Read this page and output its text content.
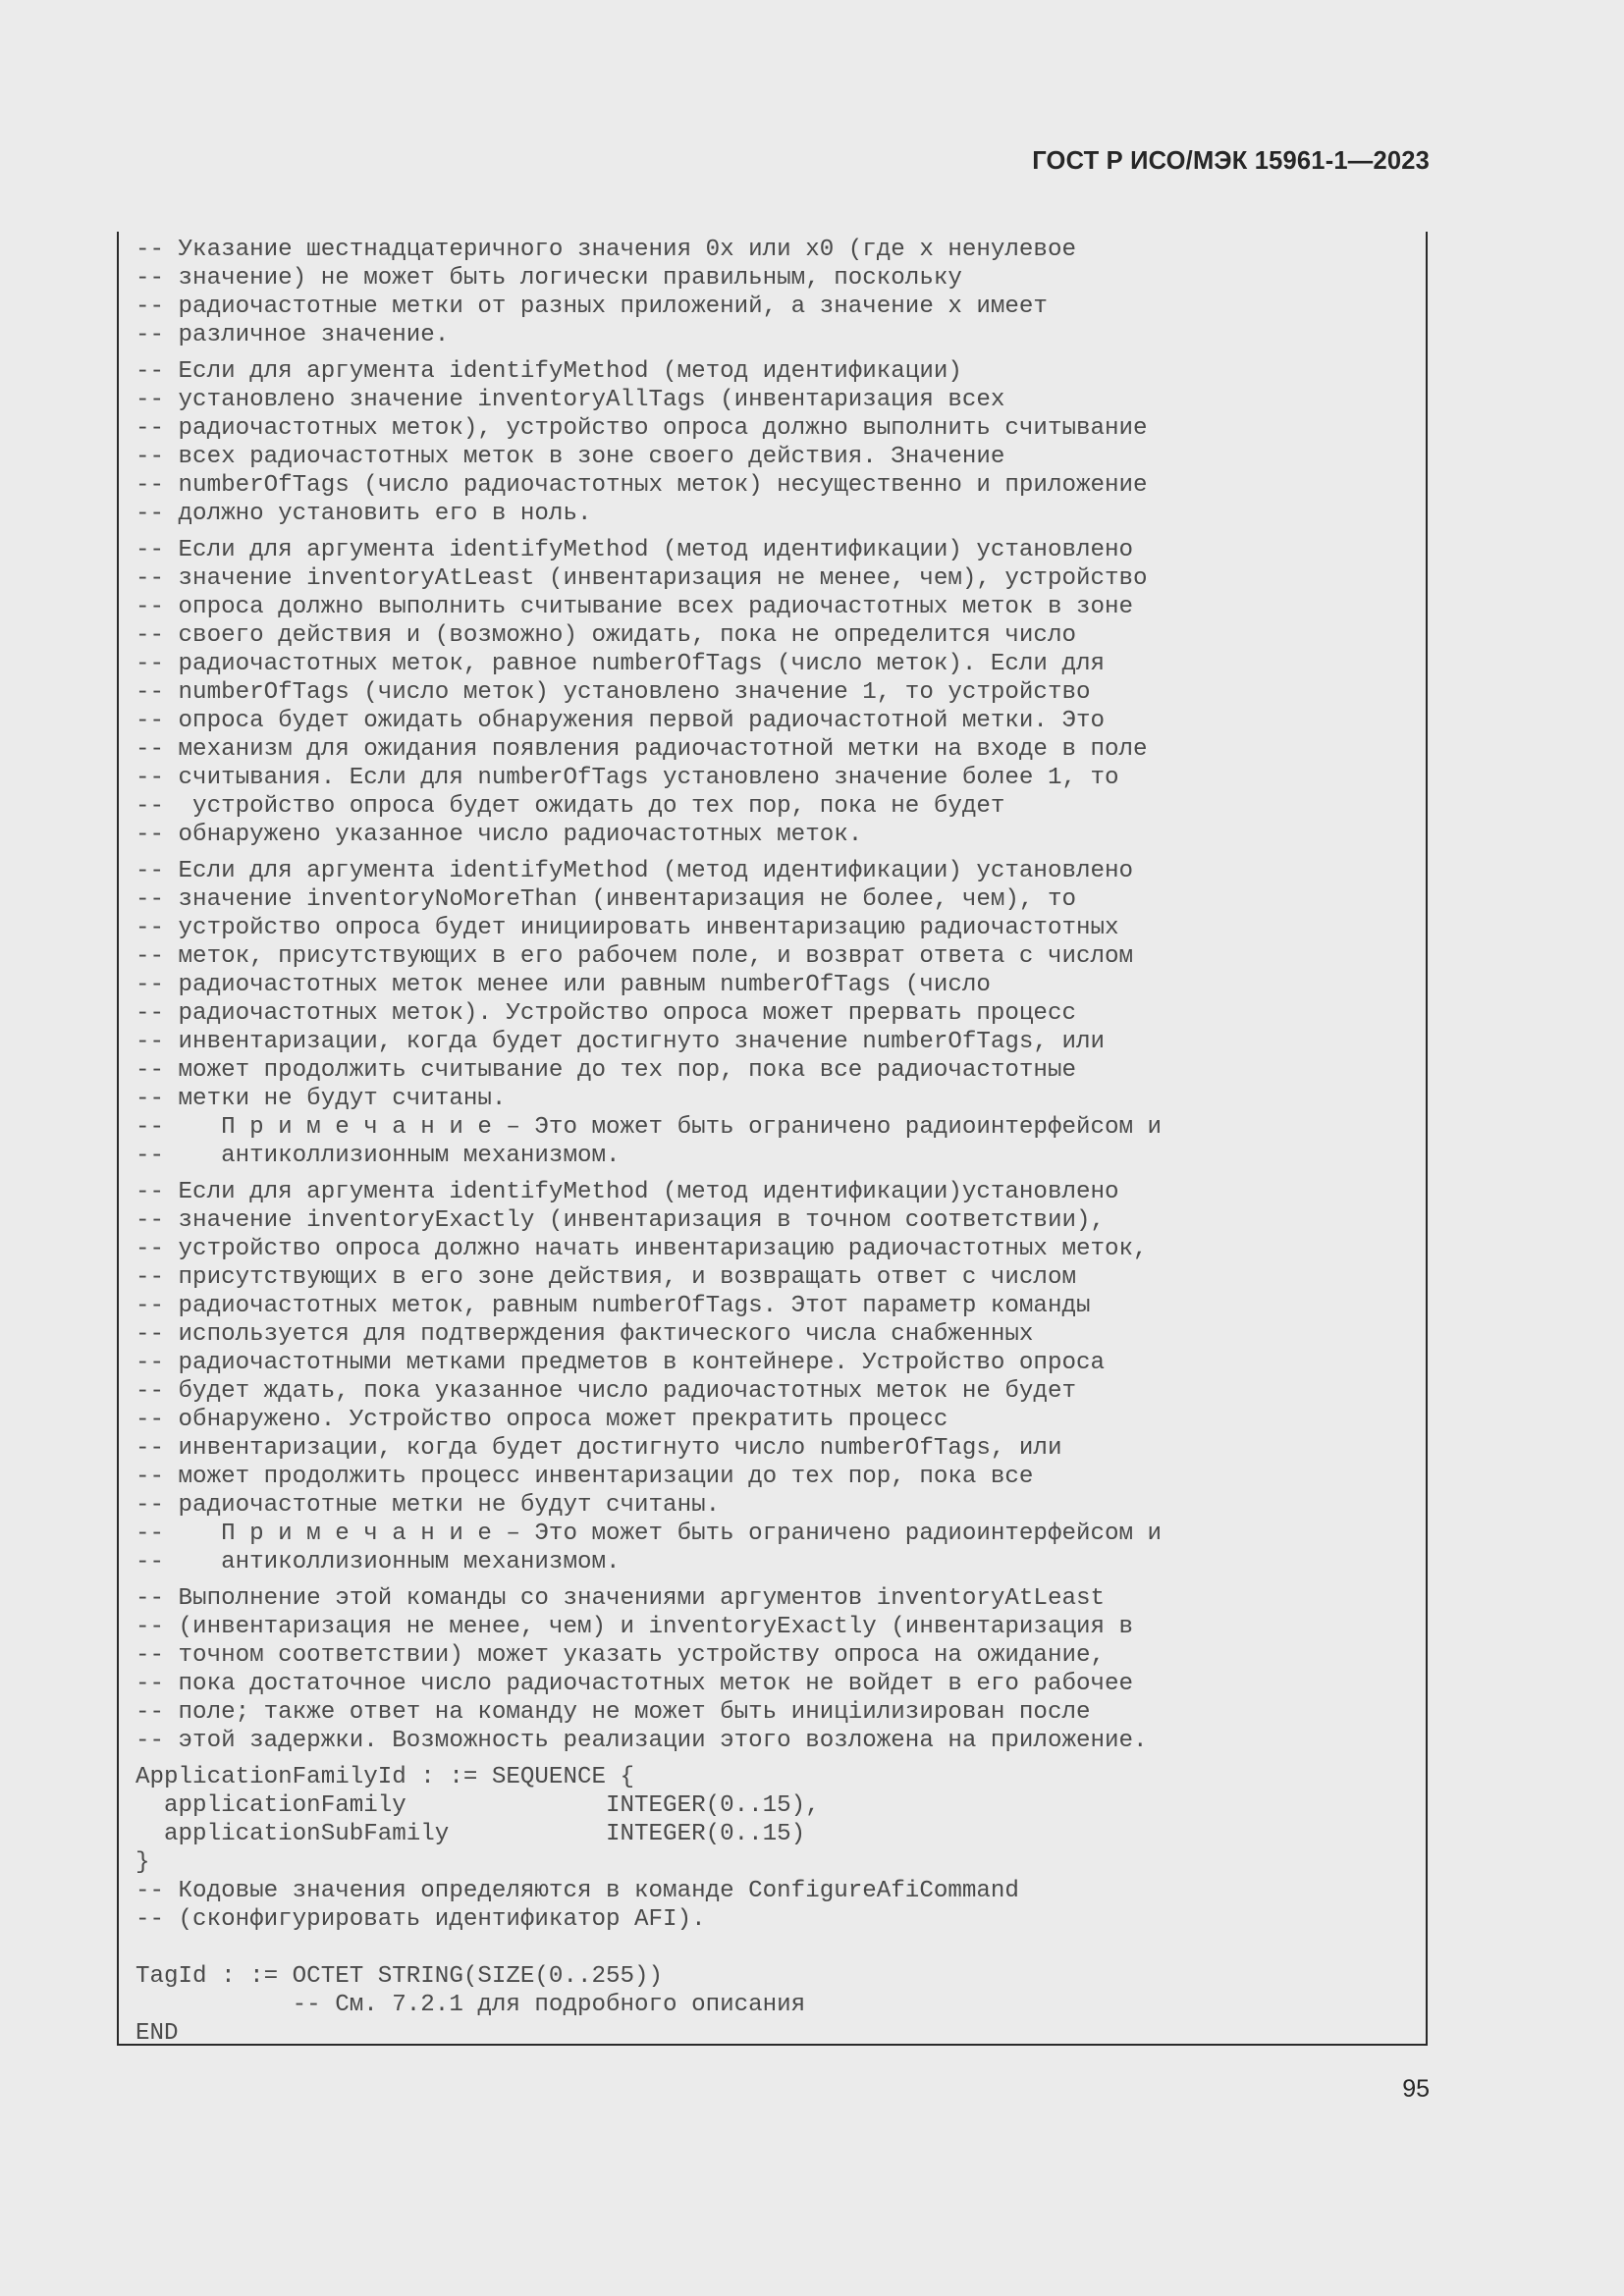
ГОСТ Р ИСО/МЭК 15961-1—2023
-- Указание шестнадцатеричного значения 0x или x0 (где x ненулевое
-- значение) не может быть логически правильным, поскольку
-- радиочастотные метки от разных приложений, а значение x имеет
-- различное значение.
-- Если для аргумента identifyMethod (метод идентификации)
-- установлено значение inventoryAllTags (инвентаризация всех
-- радиочастотных меток), устройство опроса должно выполнить считывание
-- всех радиочастотных меток в зоне своего действия. Значение
-- numberOfTags (число радиочастотных меток) несущественно и приложение
-- должно установить его в ноль.
-- Если для аргумента identifyMethod (метод идентификации) установлено
-- значение inventoryAtLeast (инвентаризация не менее, чем), устройство
-- опроса должно выполнить считывание всех радиочастотных меток в зоне
-- своего действия и (возможно) ожидать, пока не определится число
-- радиочастотных меток, равное numberOfTags (число меток). Если для
-- numberOfTags (число меток) установлено значение 1, то устройство
-- опроса будет ожидать обнаружения первой радиочастотной метки. Это
-- механизм для ожидания появления радиочастотной метки на входе в поле
-- считывания. Если для numberOfTags установлено значение более 1, то
--  устройство опроса будет ожидать до тех пор, пока не будет
-- обнаружено указанное число радиочастотных меток.
-- Если для аргумента identifyMethod (метод идентификации) установлено
-- значение inventoryNoMoreThan (инвентаризация не более, чем), то
-- устройство опроса будет инициировать инвентаризацию радиочастотных
-- меток, присутствующих в его рабочем поле, и возврат ответа с числом
-- радиочастотных меток менее или равным numberOfTags (число
-- радиочастотных меток). Устройство опроса может прервать процесс
-- инвентаризации, когда будет достигнуто значение numberOfTags, или
-- может продолжить считывание до тех пор, пока все радиочастотные
-- метки не будут считаны.
--    П р и м е ч а н и е – Это может быть ограничено радиоинтерфейсом и
--    антиколлизионным механизмом.
-- Если для аргумента identifyMethod (метод идентификации)установлено
-- значение inventoryExactly (инвентаризация в точном соответствии),
-- устройство опроса должно начать инвентаризацию радиочастотных меток,
-- присутствующих в его зоне действия, и возвращать ответ с числом
-- радиочастотных меток, равным numberOfTags. Этот параметр команды
-- используется для подтверждения фактического числа снабженных
-- радиочастотными метками предметов в контейнере. Устройство опроса
-- будет ждать, пока указанное число радиочастотных меток не будет
-- обнаружено. Устройство опроса может прекратить процесс
-- инвентаризации, когда будет достигнуто число numberOfTags, или
-- может продолжить процесс инвентаризации до тех пор, пока все
-- радиочастотные метки не будут считаны.
--    П р и м е ч а н и е – Это может быть ограничено радиоинтерфейсом и
--    антиколлизионным механизмом.
-- Выполнение этой команды со значениями аргументов inventoryAtLeast
-- (инвентаризация не менее, чем) и inventoryExactly (инвентаризация в
-- точном соответствии) может указать устройству опроса на ожидание,
-- пока достаточное число радиочастотных меток не войдет в его рабочее
-- поле; также ответ на команду не может быть иницiилизирован после
-- этой задержки. Возможность реализации этого возложена на приложение.
ApplicationFamilyId : := SEQUENCE {
applicationFamily              INTEGER(0..15),
applicationSubFamily           INTEGER(0..15)
}
-- Кодовые значения определяются в команде ConfigureAfiCommand
-- (сконфигурировать идентификатор AFI).
TagId : := OCTET STRING(SIZE(0..255))
-- См. 7.2.1 для подробного описания
END
95
